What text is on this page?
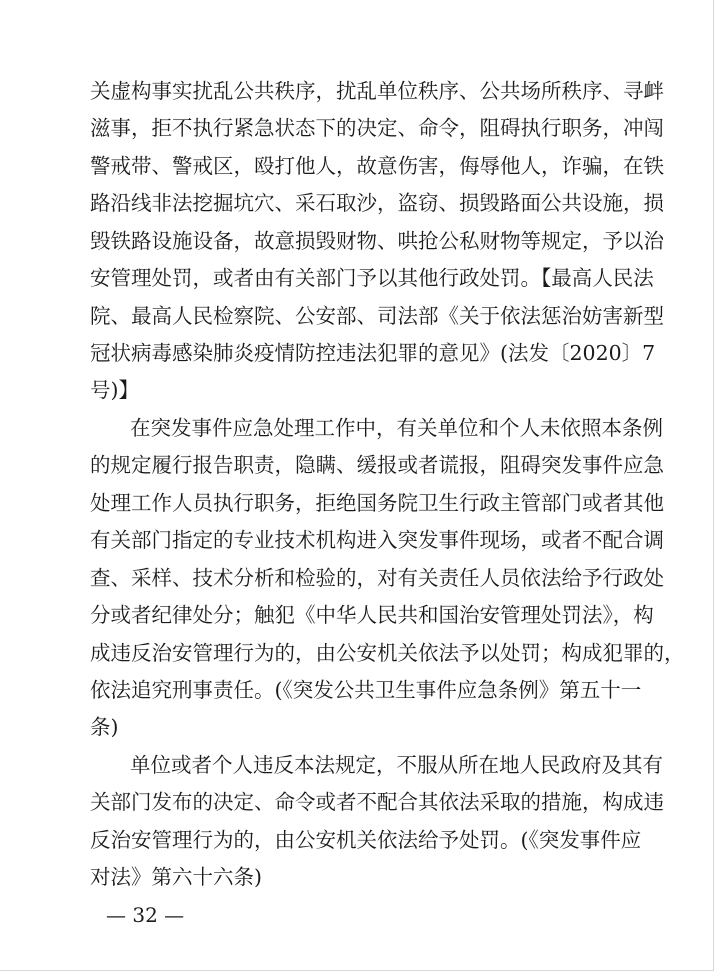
关虚构事实扰乱公共秩序，扰乱单位秩序、公共场所秩序、寻衅
滋事，拒不执行紧急状态下的决定、命令，阻碍执行职务，冲闯
警戒带、警戒区，殴打他人，故意伤害，侮辱他人，诈骗，在铁
路沿线非法挖掘坑穴、采石取沙，盗窃、损毁路面公共设施，损
毁铁路设施设备，故意损毁财物、哄抢公私财物等规定，予以治
安管理处罚，或者由有关部门予以其他行政处罚。【最高人民法
院、最高人民检察院、公安部、司法部《关于依法惩治妨害新型
冠状病毒感染肺炎疫情防控违法犯罪的意见》(法发〔2020〕7
号)】
在突发事件应急处理工作中，有关单位和个人未依照本条例
的规定履行报告职责，隐瞒、缓报或者谎报，阻碍突发事件应急
处理工作人员执行职务，拒绝国务院卫生行政主管部门或者其他
有关部门指定的专业技术机构进入突发事件现场，或者不配合调
查、采样、技术分析和检验的，对有关责任人员依法给予行政处
分或者纪律处分；触犯《中华人民共和国治安管理处罚法》，构
成违反治安管理行为的，由公安机关依法予以处罚；构成犯罪的，
依法追究刑事责任。(《突发公共卫生事件应急条例》第五十一
条)
单位或者个人违反本法规定，不服从所在地人民政府及其有
关部门发布的决定、命令或者不配合其依法采取的措施，构成违
反治安管理行为的，由公安机关依法给予处罚。(《突发事件应
对法》第六十六条)
— 32 —
